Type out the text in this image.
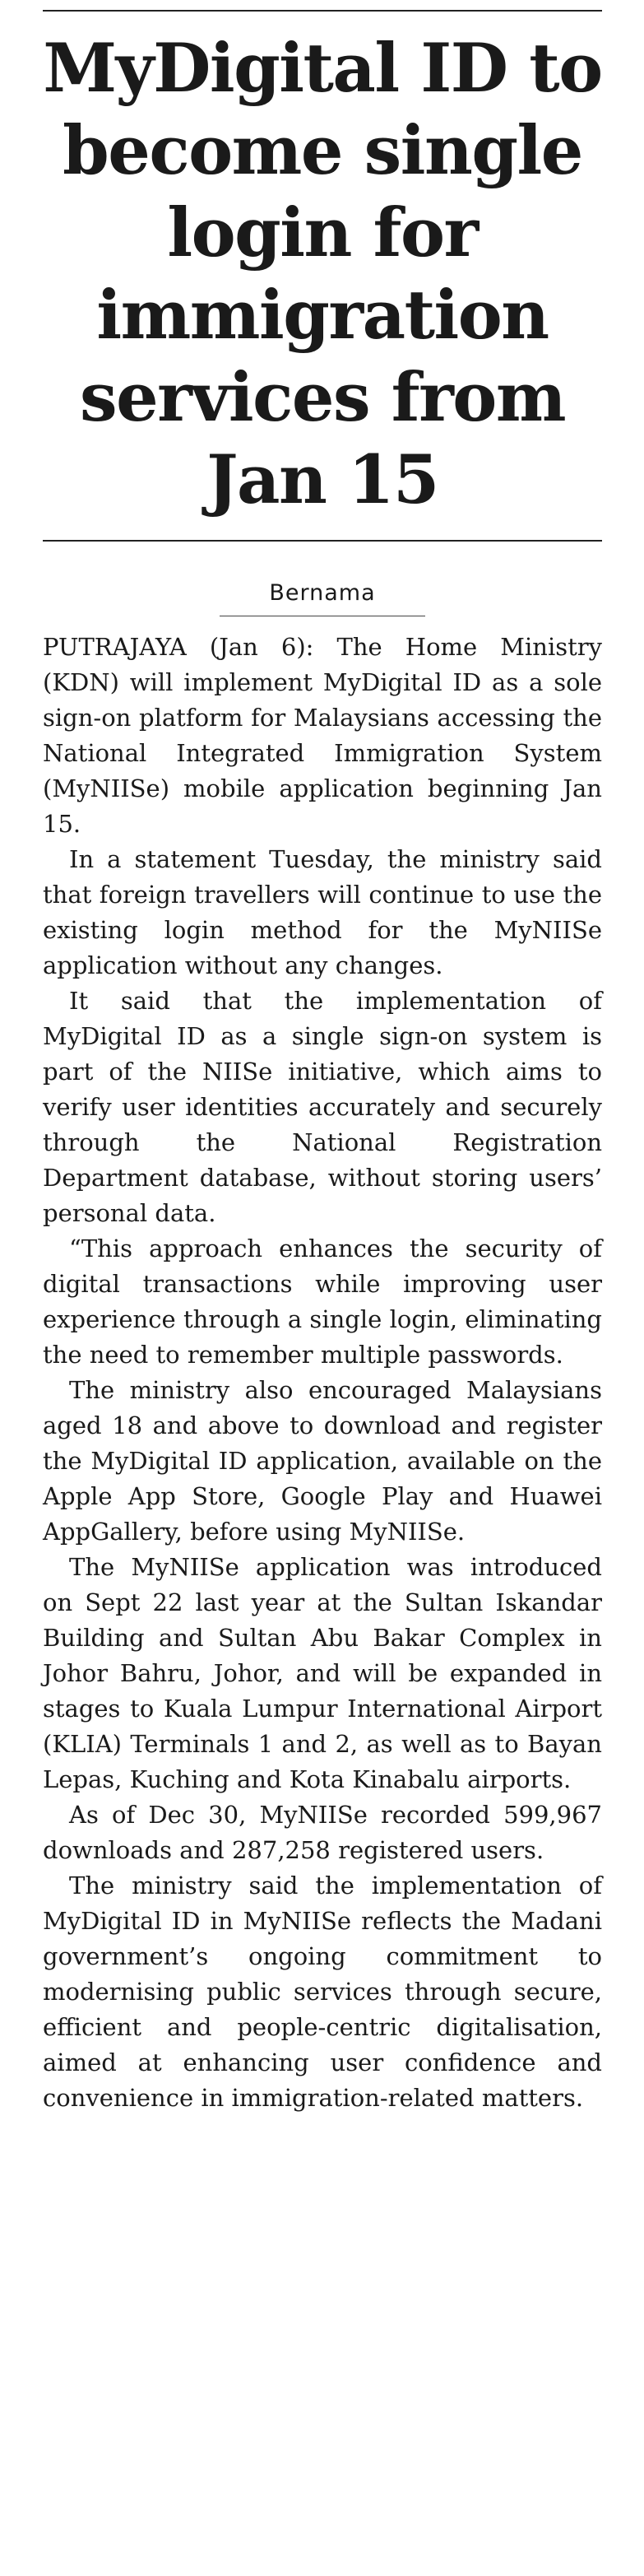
MyDigital ID to become single login for immigration services from Jan 15
Bernama

PUTRAJAYA (Jan 6): The Home Ministry (KDN) will implement MyDigital ID as a sole sign-on platform for Malaysians accessing the National Integrated Immigration System (MyNIISe) mobile application beginning Jan 15.

In a statement Tuesday, the ministry said that foreign travellers will continue to use the existing login method for the MyNIISe application without any changes.

It said that the implementation of MyDigital ID as a single sign-on system is part of the NIISe initiative, which aims to verify user identities accurately and securely through the National Registration Department database, without storing users’ personal data.

“This approach enhances the security of digital transactions while improving user experience through a single login, eliminating the need to remember multiple passwords.

The ministry also encouraged Malaysians aged 18 and above to download and register the MyDigital ID application, available on the Apple App Store, Google Play and Huawei AppGallery, before using MyNIISe.

The MyNIISe application was introduced on Sept 22 last year at the Sultan Iskandar Building and Sultan Abu Bakar Complex in Johor Bahru, Johor, and will be expanded in stages to Kuala Lumpur International Airport (KLIA) Terminals 1 and 2, as well as to Bayan Lepas, Kuching and Kota Kinabalu airports.

As of Dec 30, MyNIISe recorded 599,967 downloads and 287,258 registered users.

The ministry said the implementation of MyDigital ID in MyNIISe reflects the Madani government’s ongoing commitment to modernising public services through secure, efficient and people-centric digitalisation, aimed at enhancing user confidence and convenience in immigration-related matters.
